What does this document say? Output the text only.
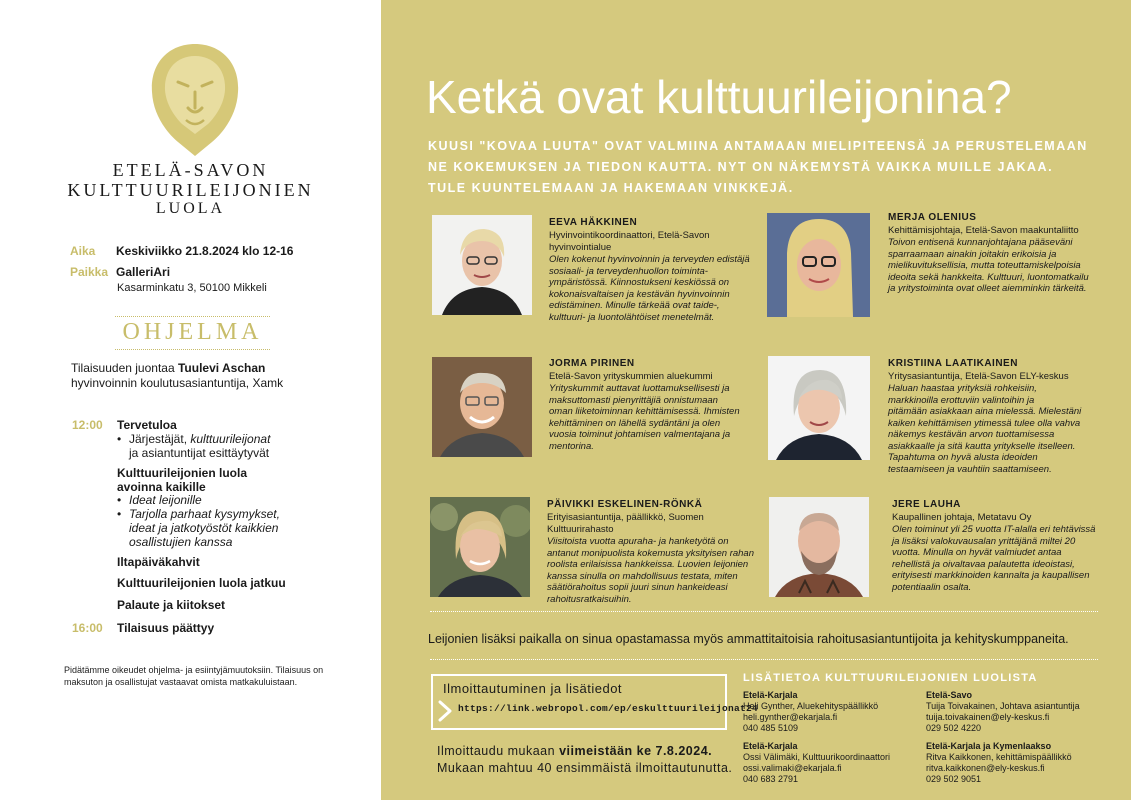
ETELÄ-SAVON
KULTTUURILEIJONIEN
LUOLA
Aika Keskiviikko 21.8.2024 klo 12-16
Paikka GalleriAri
Kasarminkatu 3, 50100 Mikkeli
OHJELMA
Tilaisuuden juontaa Tuulevi Aschan
hyvinvoinnin koulutusasiantuntija, Xamk
12:00 Tervetuloa
• Järjestäjät, kulttuurileijonat
ja asiantuntijat esittäytyvät
Kulttuurileijonien luola
avoinna kaikille
• Ideat leijonille
• Tarjolla parhaat kysymykset,
ideat ja jatkotyöstöt kaikkien
osallistujien kanssa
Iltapäiväkahvit
Kulttuurileijonien luola jatkuu
Palaute ja kiitokset
16:00 Tilaisuus päättyy
Pidätämme oikeudet ohjelma- ja esiintyjämuutoksiin. Tilaisuus on
maksuton ja osallistujat vastaavat omista matkakuluistaan.
Ketkä ovat kulttuurileijonina?
KUUSI "KOVAA LUUTA" OVAT VALMIINA ANTAMAAN MIELIPITEENSÄ JA PERUSTELEMAAN
NE KOKEMUKSEN JA TIEDON KAUTTA. NYT ON NÄKEMYSTÄ VAIKKA MUILLE JAKAA.
TULE KUUNTELEMAAN JA HAKEMAAN VINKKEJÄ.
EEVA HÄKKINEN
Hyvinvointikoordinaattori, Etelä-Savon
hyvinvointialue
Olen kokenut hyvinvoinnin ja terveyden edistäjä
sosiaali- ja terveydenhuollon toiminta-
ympäristössä. Kiinnostukseni keskiössä on
kokonaisvaltaisen ja kestävän hyvinvoinnin
edistäminen. Minulle tärkeää ovat taide-,
kulttuuri- ja luontolähtöiset menetelmät.
MERJA OLENIUS
Kehittämisjohtaja, Etelä-Savon maakuntaliitto
Toivon entisenä kunnanjohtajana pääseväni
sparraamaan ainakin joitakin erikoisia ja
mielikuvituksellisia, mutta toteuttamiskelpoisia
ideoita sekä hankkeita. Kulttuuri, luontomatkailu
ja yritystoiminta ovat olleet aiemminkin tärkeitä.
JORMA PIRINEN
Etelä-Savon yrityskummien aluekummi
Yrityskummit auttavat luottamuksellisesti ja
maksuttomasti pienyrittäjiä onnistumaan
oman liiketoiminnan kehittämisessä. Ihmisten
kehittäminen on lähellä sydäntäni ja olen
vuosia toiminut johtamisen valmentajana ja
mentorina.
KRISTIINA LAATIKAINEN
Yritysasiantuntija, Etelä-Savon ELY-keskus
Haluan haastaa yrityksiä rohkeisiin,
markkinoilla erottuviin valintoihin ja
pitämään asiakkaan aina mielessä. Mielestäni
kaiken kehittämisen ytimessä tulee olla vahva
näkemys kestävän arvon tuottamisessa
asiakkaalle ja sitä kautta yritykselle itselleen.
Tapahtuma on hyvä alusta ideoiden
testaamiseen ja vauhtiin saattamiseen.
PÄIVIKKI ESKELINEN-RÖNKÄ
Erityisasiantuntija, päällikkö, Suomen
Kulttuurirahasto
Viisitoista vuotta apuraha- ja hanketyötä on
antanut monipuolista kokemusta yksityisen rahan
roolista erilaisissa hankkeissa. Luovien leijonien
kanssa sinulla on mahdollisuus testata, miten
säätiörahoitus sopii juuri sinun hankeideasi
rahoitusratkaisuihin.
JERE LAUHA
Kaupallinen johtaja, Metatavu Oy
Olen toiminut yli 25 vuotta IT-alalla eri tehtävissä
ja lisäksi valokuvausalan yrittäjänä miltei 20
vuotta. Minulla on hyvät valmiudet antaa
rehellistä ja oivaltavaa palautetta ideoistasi,
erityisesti markkinoiden kannalta ja kaupallisen
potentiaalin osalta.
Leijonien lisäksi paikalla on sinua opastamassa myös ammattitaitoisia rahoitusasiantuntijoita ja kehityskumppaneita.
Ilmoittautuminen ja lisätiedot
https://link.webropol.com/ep/eskulttuurileijonat24
Ilmoittaudu mukaan viimeistään ke 7.8.2024.
Mukaan mahtuu 40 ensimmäistä ilmoittautunutta.
LISÄTIETOA KULTTUURILEIJONIEN LUOLISTA
Etelä-Karjala
Heli Gynther, Aluekehityspäällikkö
heli.gynther@ekarjala.fi
040 485 5109
Etelä-Savo
Tuija Toivakainen, Johtava asiantuntija
tuija.toivakainen@ely-keskus.fi
029 502 4220
Etelä-Karjala
Ossi Välimäki, Kulttuurikoordinaattori
ossi.valimaki@ekarjala.fi
040 683 2791
Etelä-Karjala ja Kymenlaakso
Ritva Kaikkonen, kehittämispäällikkö
ritva.kaikkonen@ely-keskus.fi
029 502 9051
